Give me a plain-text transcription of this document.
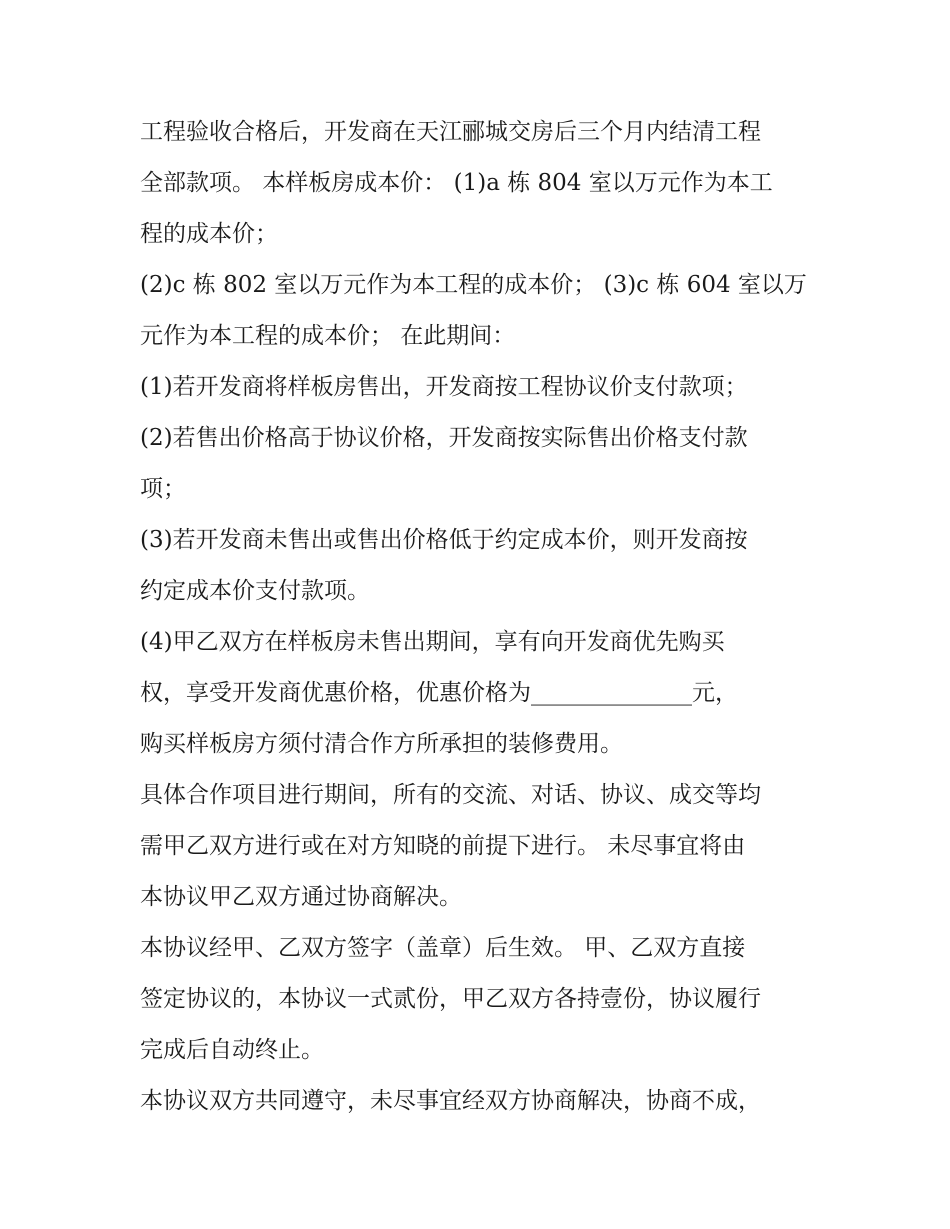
工程验收合格后，开发商在天江郦城交房后三个月内结清工程
全部款项。 本样板房成本价： (1)a 栋 804 室以万元作为本工
程的成本价；
(2)c 栋 802 室以万元作为本工程的成本价； (3)c 栋 604 室以万
元作为本工程的成本价； 在此期间：
(1)若开发商将样板房售出，开发商按工程协议价支付款项；
(2)若售出价格高于协议价格，开发商按实际售出价格支付款
项；
(3)若开发商未售出或售出价格低于约定成本价，则开发商按
约定成本价支付款项。
(4)甲乙双方在样板房未售出期间，享有向开发商优先购买
权，享受开发商优惠价格，优惠价格为______________元，
购买样板房方须付清合作方所承担的装修费用。
具体合作项目进行期间，所有的交流、对话、协议、成交等均
需甲乙双方进行或在对方知晓的前提下进行。 未尽事宜将由
本协议甲乙双方通过协商解决。
本协议经甲、乙双方签字（盖章）后生效。 甲、乙双方直接
签定协议的，本协议一式贰份，甲乙双方各持壹份，协议履行
完成后自动终止。
本协议双方共同遵守，未尽事宜经双方协商解决，协商不成，
